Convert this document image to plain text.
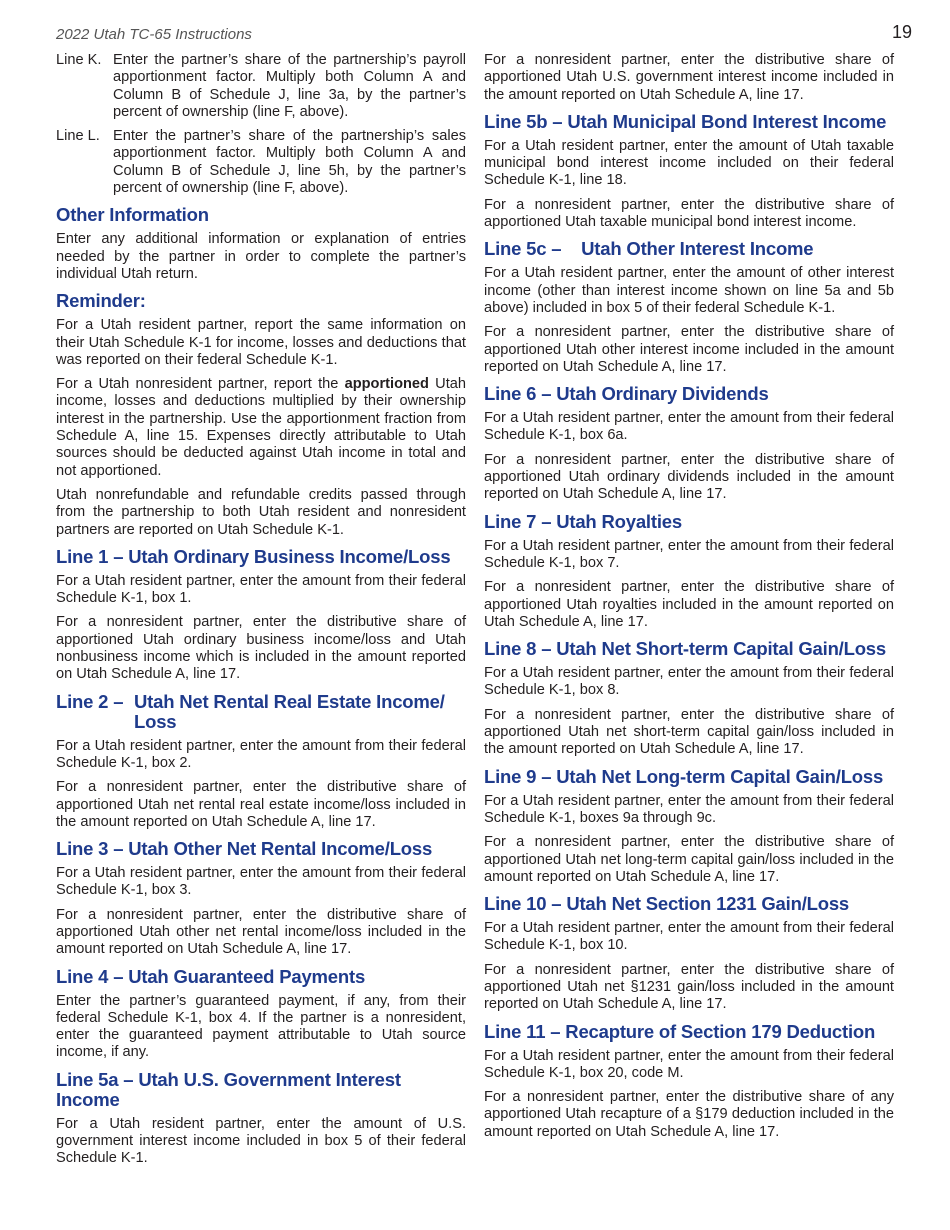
2022 Utah TC-65 Instructions	19
Line K. Enter the partner’s share of the partnership’s payroll apportionment factor. Multiply both Column A and Column B of Schedule J, line 3a, by the partner’s percent of ownership (line F, above).
Line L. Enter the partner’s share of the partnership’s sales apportionment factor. Multiply both Column A and Column B of Schedule J, line 5h, by the partner’s percent of ownership (line F, above).
Other Information

Enter any additional information or explanation of entries needed by the partner in order to complete the partner’s individual Utah return.

Reminder:

For a Utah resident partner, report the same information on their Utah Schedule K-1 for income, losses and deductions that was reported on their federal Schedule K-1.

For a Utah nonresident partner, report the apportioned Utah income, losses and deductions multiplied by their ownership interest in the partnership. Use the apportionment fraction from Schedule A, line 15. Expenses directly attributable to Utah sources should be deducted against Utah income in total and not apportioned.

Utah nonrefundable and refundable credits passed through from the partnership to both Utah resident and nonresident partners are reported on Utah Schedule K-1.

Line 1 – Utah Ordinary Business Income/Loss

For a Utah resident partner, enter the amount from their federal Schedule K-1, box 1.

For a nonresident partner, enter the distributive share of apportioned Utah ordinary business income/loss and Utah nonbusiness income which is included in the amount reported on Utah Schedule A, line 17.

Line 2 – Utah Net Rental Real Estate Income/ Loss

For a Utah resident partner, enter the amount from their federal Schedule K-1, box 2.

For a nonresident partner, enter the distributive share of apportioned Utah net rental real estate income/loss included in the amount reported on Utah Schedule A, line 17.

Line 3 – Utah Other Net Rental Income/Loss

For a Utah resident partner, enter the amount from their federal Schedule K-1, box 3.

For a nonresident partner, enter the distributive share of apportioned Utah other net rental income/loss included in the amount reported on Utah Schedule A, line 17.

Line 4 – Utah Guaranteed Payments

Enter the partner’s guaranteed payment, if any, from their federal Schedule K-1, box 4. If the partner is a nonresident, enter the guaranteed payment attributable to Utah source income, if any.

Line 5a – Utah U.S. Government Interest Income

For a Utah resident partner, enter the amount of U.S. government interest income included in box 5 of their federal Schedule K-1.

For a nonresident partner, enter the distributive share of apportioned Utah U.S. government interest income included in the amount reported on Utah Schedule A, line 17.

Line 5b – Utah Municipal Bond Interest Income

For a Utah resident partner, enter the amount of Utah taxable municipal bond interest income included on their federal Schedule K-1, line 18.

For a nonresident partner, enter the distributive share of apportioned Utah taxable municipal bond interest income.

Line 5c –    Utah Other Interest Income

For a Utah resident partner, enter the amount of other interest income (other than interest income shown on line 5a and 5b above) included in box 5 of their federal Schedule K-1.

For a nonresident partner, enter the distributive share of apportioned Utah other interest income included in the amount reported on Utah Schedule A, line 17.

Line 6 – Utah Ordinary Dividends

For a Utah resident partner, enter the amount from their federal Schedule K-1, box 6a.

For a nonresident partner, enter the distributive share of apportioned Utah ordinary dividends included in the amount reported on Utah Schedule A, line 17.

Line 7 – Utah Royalties

For a Utah resident partner, enter the amount from their federal Schedule K-1, box 7.

For a nonresident partner, enter the distributive share of apportioned Utah royalties included in the amount reported on Utah Schedule A, line 17.

Line 8 – Utah Net Short-term Capital Gain/Loss

For a Utah resident partner, enter the amount from their federal Schedule K-1, box 8.

For a nonresident partner, enter the distributive share of apportioned Utah net short-term capital gain/loss included in the amount reported on Utah Schedule A, line 17.

Line 9 – Utah Net Long-term Capital Gain/Loss

For a Utah resident partner, enter the amount from their federal Schedule K-1, boxes 9a through 9c.

For a nonresident partner, enter the distributive share of apportioned Utah net long-term capital gain/loss included in the amount reported on Utah Schedule A, line 17.

Line 10 – Utah Net Section 1231 Gain/Loss

For a Utah resident partner, enter the amount from their federal Schedule K-1, box 10.

For a nonresident partner, enter the distributive share of apportioned Utah net §1231 gain/loss included in the amount reported on Utah Schedule A, line 17.

Line 11 – Recapture of Section 179 Deduction

For a Utah resident partner, enter the amount from their federal Schedule K-1, box 20, code M.

For a nonresident partner, enter the distributive share of any apportioned Utah recapture of a §179 deduction included in the amount reported on Utah Schedule A, line 17.
